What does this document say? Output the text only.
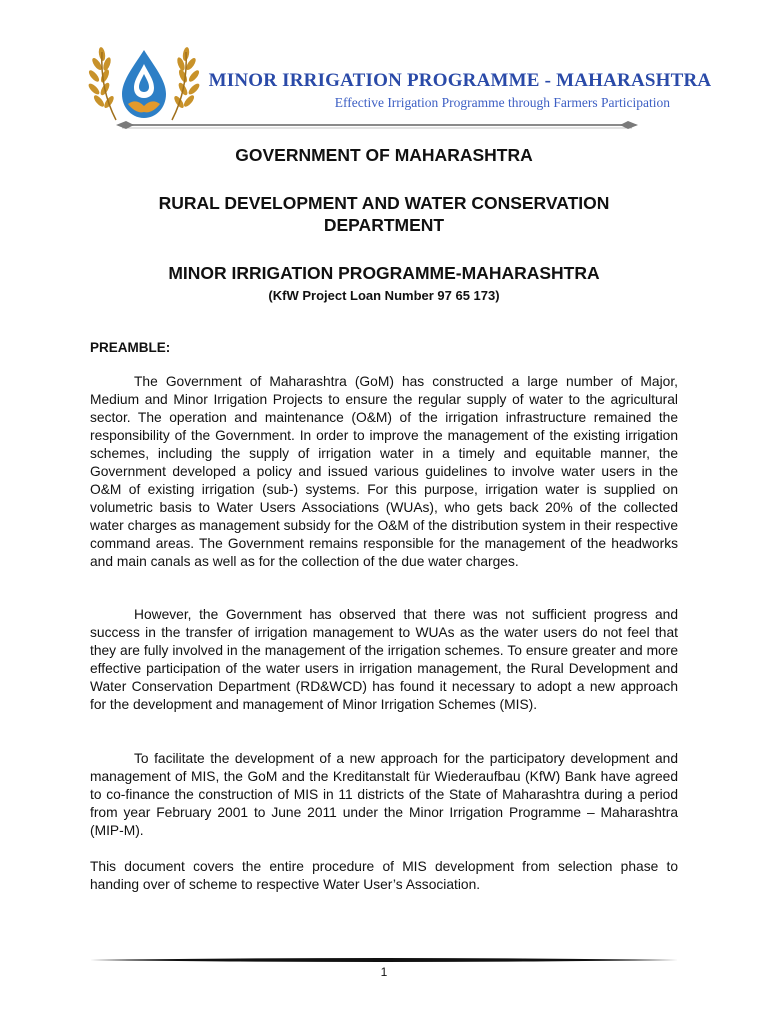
MINOR IRRIGATION PROGRAMME - MAHARASHTRA
Effective Irrigation Programme through Farmers Participation
GOVERNMENT OF MAHARASHTRA
RURAL DEVELOPMENT AND WATER CONSERVATION
DEPARTMENT
MINOR IRRIGATION PROGRAMME-MAHARASHTRA
(KfW Project Loan Number 97 65 173)
PREAMBLE:

The Government of Maharashtra (GoM) has constructed a large number of Major, Medium and Minor Irrigation Projects to ensure the regular supply of water to the agricultural sector. The operation and maintenance (O&M) of the irrigation infrastructure remained the responsibility of the Government. In order to improve the management of the existing irrigation schemes, including the supply of irrigation water in a timely and equitable manner, the Government developed a policy and issued various guidelines to involve water users in the O&M of existing irrigation (sub-) systems. For this purpose, irrigation water is supplied on volumetric basis to Water Users Associations (WUAs), who gets back 20% of the collected water charges as management subsidy for the O&M of the distribution system in their respective command areas. The Government remains responsible for the management of the headworks and main canals as well as for the collection of the due water charges.

However, the Government has observed that there was not sufficient progress and success in the transfer of irrigation management to WUAs as the water users do not feel that they are fully involved in the management of the irrigation schemes. To ensure greater and more effective participation of the water users in irrigation management, the Rural Development and Water Conservation Department (RD&WCD) has found it necessary to adopt a new approach for the development and management of Minor Irrigation Schemes (MIS).

To facilitate the development of a new approach for the participatory development and management of MIS, the GoM and the Kreditanstalt für Wiederaufbau (KfW) Bank have agreed to co-finance the construction of MIS in 11 districts of the State of Maharashtra during a period from year February 2001 to June 2011 under the Minor Irrigation Programme – Maharashtra (MIP-M).

This document covers the entire procedure of MIS development from selection phase to handing over of scheme to respective Water User’s Association.

1
